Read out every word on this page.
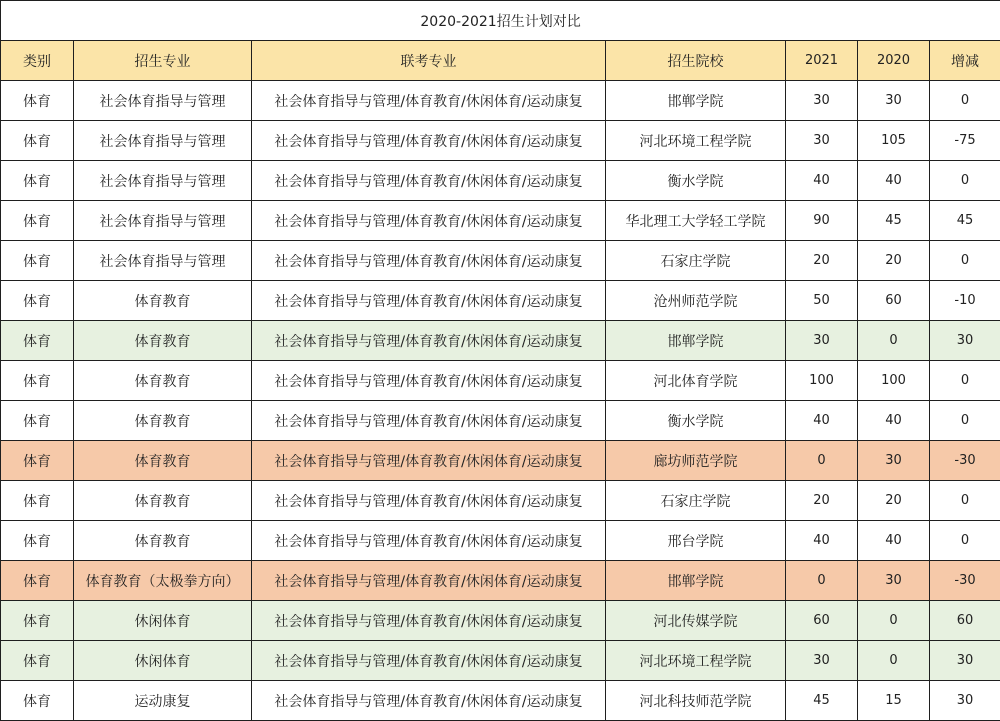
2020-2021招生计划对比						
类别	招生专业	联考专业	招生院校	2021	2020	增减
体育	社会体育指导与管理	社会体育指导与管理/体育教育/休闲体育/运动康复	邯郸学院	30	30	0
体育	社会体育指导与管理	社会体育指导与管理/体育教育/休闲体育/运动康复	河北环境工程学院	30	105	-75
体育	社会体育指导与管理	社会体育指导与管理/体育教育/休闲体育/运动康复	衡水学院	40	40	0
体育	社会体育指导与管理	社会体育指导与管理/体育教育/休闲体育/运动康复	华北理工大学轻工学院	90	45	45
体育	社会体育指导与管理	社会体育指导与管理/体育教育/休闲体育/运动康复	石家庄学院	20	20	0
体育	体育教育	社会体育指导与管理/体育教育/休闲体育/运动康复	沧州师范学院	50	60	-10
体育	体育教育	社会体育指导与管理/体育教育/休闲体育/运动康复	邯郸学院	30	0	30
体育	体育教育	社会体育指导与管理/体育教育/休闲体育/运动康复	河北体育学院	100	100	0
体育	体育教育	社会体育指导与管理/体育教育/休闲体育/运动康复	衡水学院	40	40	0
体育	体育教育	社会体育指导与管理/体育教育/休闲体育/运动康复	廊坊师范学院	0	30	-30
体育	体育教育	社会体育指导与管理/体育教育/休闲体育/运动康复	石家庄学院	20	20	0
体育	体育教育	社会体育指导与管理/体育教育/休闲体育/运动康复	邢台学院	40	40	0
体育	体育教育（太极拳方向）	社会体育指导与管理/体育教育/休闲体育/运动康复	邯郸学院	0	30	-30
体育	休闲体育	社会体育指导与管理/体育教育/休闲体育/运动康复	河北传媒学院	60	0	60
体育	休闲体育	社会体育指导与管理/体育教育/休闲体育/运动康复	河北环境工程学院	30	0	30
体育	运动康复	社会体育指导与管理/体育教育/休闲体育/运动康复	河北科技师范学院	45	15	30
